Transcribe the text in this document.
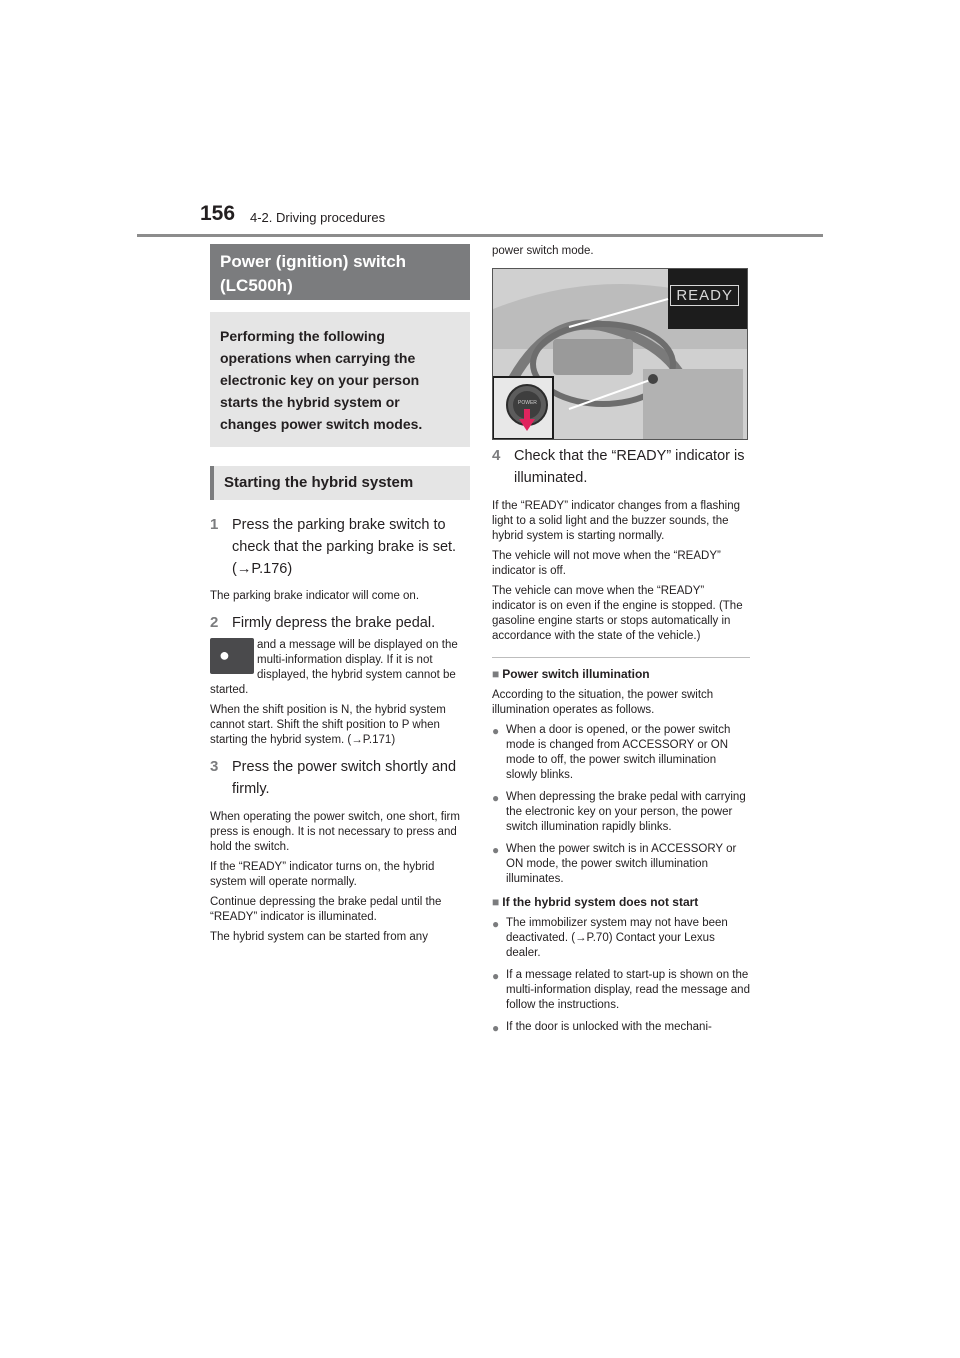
156 4-2. Driving procedures
Power (ignition) switch (LC500h)
Performing the following operations when carrying the electronic key on your person starts the hybrid system or changes power switch modes.
Starting the hybrid system
1 Press the parking brake switch to check that the parking brake is set. (→P.176)

The parking brake indicator will come on.

2 Firmly depress the brake pedal.
●	and a message will be displayed on the multi-information display. If it is not displayed, the hybrid system cannot be started.

When the shift position is N, the hybrid system cannot start. Shift the shift position to P when starting the hybrid system. (→P.171)

3 Press the power switch shortly and firmly.

When operating the power switch, one short, firm press is enough. It is not necessary to press and hold the switch.

If the “READY” indicator turns on, the hybrid system will operate normally.

Continue depressing the brake pedal until the “READY” indicator is illuminated.

The hybrid system can be started from any

power switch mode.

READY
POWER
4 Check that the “READY” indicator is illuminated.

If the “READY” indicator changes from a flashing light to a solid light and the buzzer sounds, the hybrid system is starting normally.

The vehicle will not move when the “READY” indicator is off.

The vehicle can move when the “READY” indicator is on even if the engine is stopped. (The gasoline engine starts or stops automatically in accordance with the state of the vehicle.)

■ Power switch illumination

According to the situation, the power switch illumination operates as follows.

● When a door is opened, or the power switch mode is changed from ACCESSORY or ON mode to off, the power switch illumination slowly blinks.
● When depressing the brake pedal with carrying the electronic key on your person, the power switch illumination rapidly blinks.
● When the power switch is in ACCESSORY or ON mode, the power switch illumination illuminates.
■ If the hybrid system does not start
● The immobilizer system may not have been deactivated. (→P.70) Contact your Lexus dealer.
● If a message related to start-up is shown on the multi-information display, read the message and follow the instructions.
● If the door is unlocked with the mechani-
